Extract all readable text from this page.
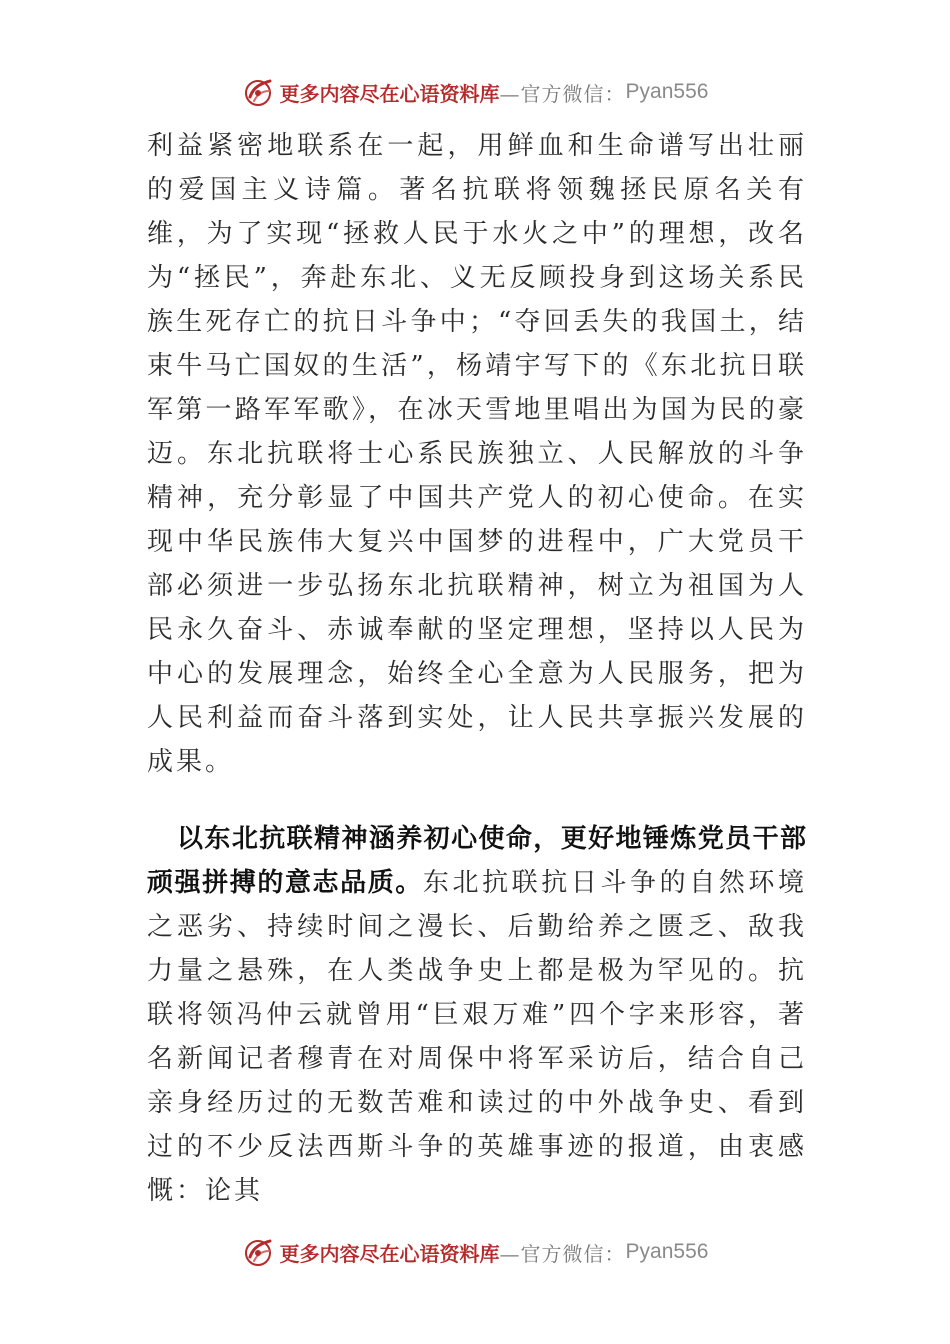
更多内容尽在心语资料库 —官方微信： Pyan556

利益紧密地联系在一起，用鲜血和生命谱写出壮丽的爱国主义诗篇。著名抗联将领魏拯民原名关有维，为了实现“拯救人民于水火之中”的理想，改名为“拯民”，奔赴东北、义无反顾投身到这场关系民族生死存亡的抗日斗争中；“夺回丢失的我国土，结束牛马亡国奴的生活”，杨靖宇写下的《东北抗日联军第一路军军歌》，在冰天雪地里唱出为国为民的豪迈。东北抗联将士心系民族独立、人民解放的斗争精神，充分彰显了中国共产党人的初心使命。在实现中华民族伟大复兴中国梦的进程中，广大党员干部必须进一步弘扬东北抗联精神，树立为祖国为人民永久奋斗、赤诚奉献的坚定理想，坚持以人民为中心的发展理念，始终全心全意为人民服务，把为人民利益而奋斗落到实处，让人民共享振兴发展的成果。

以东北抗联精神涵养初心使命，更好地锤炼党员干部顽强拼搏的意志品质。东北抗联抗日斗争的自然环境之恶劣、持续时间之漫长、后勤给养之匮乏、敌我力量之悬殊，在人类战争史上都是极为罕见的。抗联将领冯仲云就曾用“巨艰万难”四个字来形容，著名新闻记者穆青在对周保中将军采访后，结合自己亲身经历过的无数苦难和读过的中外战争史、看到过的不少反法西斯斗争的英雄事迹的报道，由衷感慨：论其

更多内容尽在心语资料库 —官方微信： Pyan556
